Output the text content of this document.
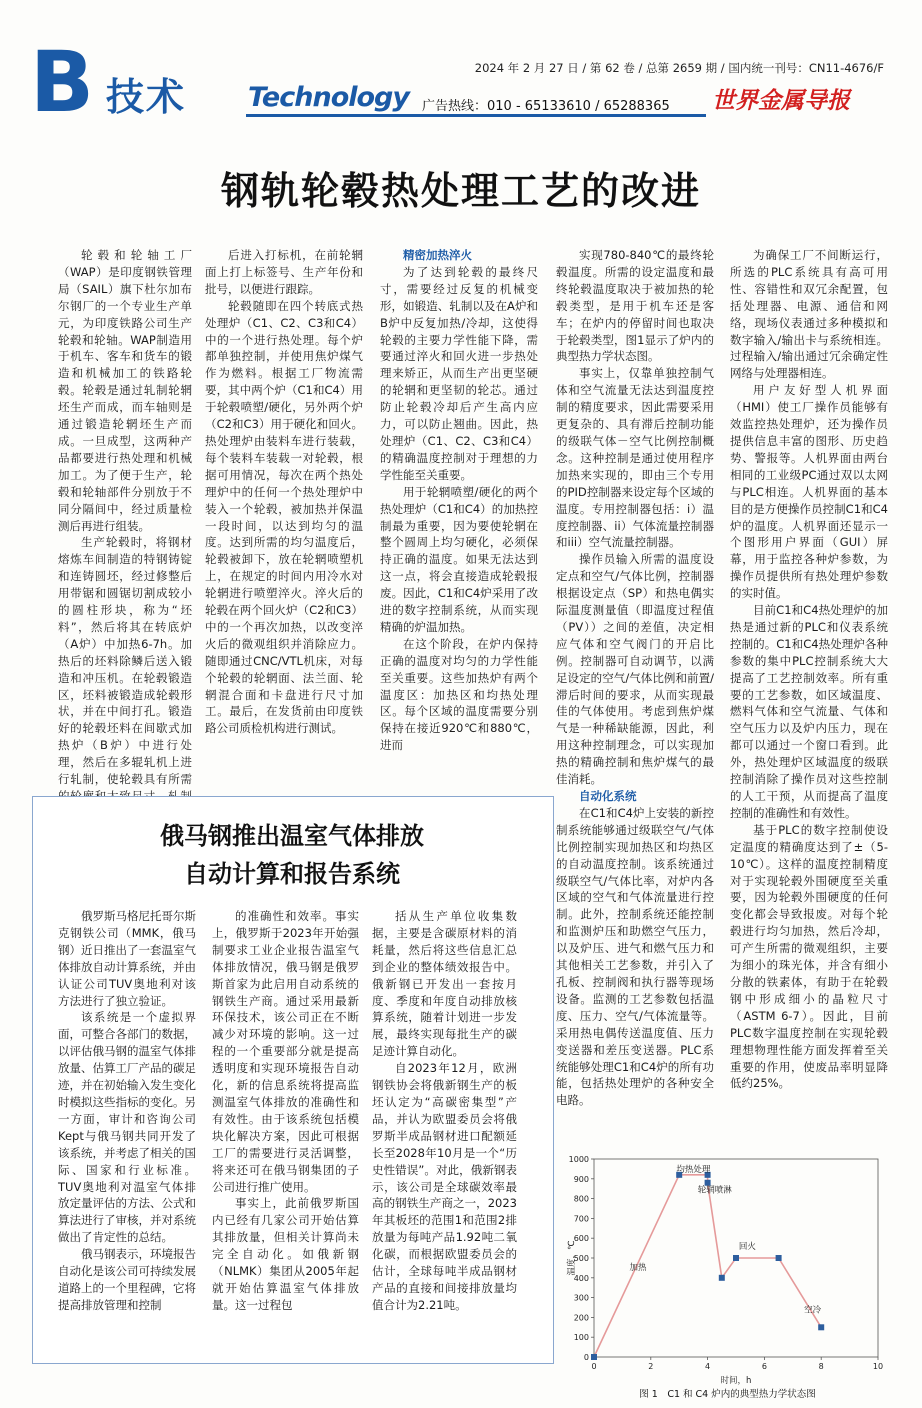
B 技术
2024 年 2 月 27 日 / 第 62 卷 / 总第 2659 期 / 国内统一刊号：CN11-4676/F
Technology 广告热线：010 - 65133610 / 65288365 世界金属导报
钢轨轮毂热处理工艺的改进

轮毂和轮轴工厂（WAP）是印度钢铁管理局（SAIL）旗下杜尔加布尔钢厂的一个专业生产单元，为印度铁路公司生产轮毂和轮轴。WAP制造用于机车、客车和货车的锻造和机械加工的铁路轮毂。轮毂是通过轧制轮辋坯生产而成，而车轴则是通过锻造轮辋坯生产而成。一旦成型，这两种产品都要进行热处理和机械加工。为了便于生产，轮毂和轮轴部件分别放于不同分隔间中，经过质量检测后再进行组装。

生产轮毂时，将钢材熔炼车间制造的特钢铸锭和连铸圆坯，经过修整后用带锯和圆锯切割成较小的圆柱形块，称为“坯料”，然后将其在转底炉（A炉）中加热6-7h。加热后的坯料除鳞后送入锻造和冲压机。在轮毂锻造区，坯料被锻造成轮毂形状，并在中间打孔。锻造好的轮毂坯料在间歇式加热炉（B炉）中进行处理，然后在多辊轧机上进行轧制，使轮毂具有所需

后进入打标机，在前轮辋面上打上标签号、生产年份和批号，以便进行跟踪。

轮毂随即在四个转底式热处理炉（C1、C2、C3和C4）中的一个进行热处理。每个炉都单独控制，并使用焦炉煤气作为燃料。根据工厂物流需要，其中两个炉（C1和C4）用于轮毂喷塑/硬化，另外两个炉（C2和C3）用于硬化和回火。热处理炉由装料车进行装载，每个装料车装载一对轮毂，根据可用情况，每次在两个热处理炉中的任何一个热处理炉中装入一个轮毂，被加热并保温一段时间，以达到均匀的温度。达到所需的均匀温度后，轮毂被卸下，放在轮辋喷塑机上，在规定的时间内用冷水对轮辋进行喷塑淬火。淬火后的轮毂在两个回火炉（C2和C3）中的一个再次加热，以改变淬火后的微观组织并消除应力。随即通过CNC/VTL机床，对每个轮毂的轮辋面、法兰面、轮辋混合面和卡盘进行尺寸加工。最后，在发货前由印度铁路公司质检机构进行测试。

精密加热淬火

为了达到轮毂的最终尺寸，需要经过反复的机械变形，如锻造、轧制以及在A炉和B炉中反复加热/冷却，这使得轮毂的主要力学性能下降，需要通过淬火和回火进一步热处理来矫正，从而生产出更坚硬的轮辋和更坚韧的轮芯。通过防止轮毂冷却后产生高内应力，可以防止翘曲。因此，热处理炉（C1、C2、C3和C4）的精确温度控制对于理想的力学性能至关重要。

用于轮辋喷塑/硬化的两个热处理炉（C1和C4）的加热控制最为重要，因为要使轮辋在整个圆周上均匀硬化，必须保持正确的温度。如果无法达到这一点，将会直接造成轮毂报废。因此，C1和C4炉采用了改进的数字控制系统，从而实现精确的炉温加热。

在这个阶段，在炉内保持正确的温度对均匀的力学性能至关重要。这些加热炉有两个温度区：加热区和均热处理区。每个区域的温度需要分别保持在接近920℃和880℃，进而

实现780-840℃的最终轮毂温度。所需的设定温度和最终轮毂温度取决于被加热的轮毂类型，是用于机车还是客车；在炉内的停留时间也取决于轮毂类型，图1显示了炉内的典型热力学状态图。

事实上，仅靠单独控制气体和空气流量无法达到温度控制的精度要求，因此需要采用更复杂的、具有滞后控制功能的级联气体－空气比例控制概念。这种控制是通过使用程序加热来实现的，即由三个专用的PID控制器来设定每个区域的温度。专用控制器包括：i）温度控制器、ii）气体流量控制器和iii）空气流量控制器。

操作员输入所需的温度设定点和空气/气体比例，控制器根据设定点（SP）和热电偶实际温度测量值（即温度过程值（PV））之间的差值，决定相应气体和空气阀门的开启比例。控制器可自动调节，以满足设定的空气/气体比例和前置/滞后时间的要求，从而实现最佳的气体使用。考虑到焦炉煤气是一种稀缺能源，因此，利用这种控制理念，可以实现加热的精确控制和焦炉煤气的最佳消耗。

自动化系统

在C1和C4炉上安装的新控制系统能够通过级联空气/气体比例控制实现加热区和均热区的自动温度控制。该系统通过级联空气/气体比率，对炉内各区域的空气和气体流量进行控制。此外，控制系统还能控制和监测炉压和助燃空气压力，以及炉压、进气和燃气压力和其他相关工艺参数，并引入了孔板、控制阀和执行器等现场设备。监测的工艺参数包括温度、压力、空气/气体流量等。采用热电偶传送温度值、压力变送器和差压变送器。PLC系统能够处理C1和C4炉的所有功能，包括热处理炉的各种安全电路。

为确保工厂不间断运行，所选的PLC系统具有高可用性、容错性和双冗余配置，包括处理器、电源、通信和网络，现场仪表通过多种模拟和数字输入/输出卡与系统相连。过程输入/输出通过冗余确定性网络与处理器相连。

用户友好型人机界面（HMI）使工厂操作员能够有效监控热处理炉，还为操作员提供信息丰富的图形、历史趋势、警报等。人机界面由两台相同的工业级PC通过双以太网与PLC相连。人机界面的基本目的是方便操作员控制C1和C4炉的温度。人机界面还显示一个图形用户界面（GUI）屏幕，用于监控各种炉参数，为操作员提供所有热处理炉参数的实时值。

目前C1和C4热处理炉的加热是通过新的PLC和仪表系统控制的。C1和C4热处理炉各种参数的集中PLC控制系统大大提高了工艺控制效率。所有重要的工艺参数，如区域温度、燃料气体和空气流量、气体和空气压力以及炉内压力，现在都可以通过一个窗口看到。此外，热处理炉区域温度的级联控制消除了操作员对这些控制的人工干预，从而提高了温度控制的准确性和有效性。

基于PLC的数字控制使设定温度的精确度达到了±（5-10℃）。这样的温度控制精度对于实现轮毂外围硬度至关重要，因为轮毂外围硬度的任何变化都会导致报废。对每个轮毂进行均匀加热，然后冷却，可产生所需的微观组织，主要为细小的珠光体，并含有细小分散的铁素体，有助于在轮毂钢中形成细小的晶粒尺寸（ASTM 6-7）。因此，目前PLC数字温度控制在实现轮毂理想物理性能方面发挥着至关重要的作用，使废品率明显降低约25%。

俄马钢推出温室气体排放
自动计算和报告系统

俄罗斯马格尼托哥尔斯克钢铁公司（MMK，俄马钢）近日推出了一套温室气体排放自动计算系统，并由认证公司TUV奥地利对该方法进行了独立验证。

该系统是一个虚拟界面，可整合各部门的数据，以评估俄马钢的温室气体排放量、估算工厂产品的碳足迹，并在初始输入发生变化时模拟这些指标的变化。另一方面，审计和咨询公司Kept与俄马钢共同开发了该系统，并考虑了相关的国际、国家和行业标准。TUV奥地利对温室气体排放定量评估的方法、公式和算法进行了审核，并对系统做出了肯定性的总结。

俄马钢表示，环境报告自动化是该公司可持续发展道路上的一个里程碑，它将提高排放管理和控制

的准确性和效率。事实上，俄罗斯于2023年开始强制要求工业企业报告温室气体排放情况，俄马钢是俄罗斯首家为此启用自动系统的钢铁生产商。通过采用最新环保技术，该公司正在不断减少对环境的影响。这一过程的一个重要部分就是提高透明度和实现环境报告自动化，新的信息系统将提高监测温室气体排放的准确性和有效性。由于该系统包括模块化解决方案，因此可根据工厂的需要进行灵活调整，将来还可在俄马钢集团的子公司进行推广使用。

事实上，此前俄罗斯国内已经有几家公司开始估算其排放量，但相关计算尚未完全自动化。如俄新钢（NLMK）集团从2005年起就开始估算温室气体排放量。这一过程包

括从生产单位收集数据，主要是含碳原材料的消耗量，然后将这些信息汇总到企业的整体绩效报告中。俄新钢已开发出一套按月度、季度和年度自动排放核算系统，随着计划进一步发展，最终实现每批生产的碳足迹计算自动化。

自2023年12月，欧洲钢铁协会将俄新钢生产的板坯认定为“高碳密集型”产品，并认为欧盟委员会将俄罗斯半成品钢材进口配额延长至2028年10月是一个“历史性错误”。对此，俄新钢表示，该公司是全球碳效率最高的钢铁生产商之一，2023年其板坯的范围1和范围2排放量为每吨产品1.92吨二氧化碳，而根据欧盟委员会的估计，全球每吨半成品钢材产品的直接和间接排放量均值合计为2.21吨。

0
100
200
300
400
500
600
700
800
900
1000
0	2	4	6	8	10
时间，h
温度，℃
均热处理
轮辋喷淋
加热
回火
空冷
图 1　C1 和 C4 炉内的典型热力学状态图
